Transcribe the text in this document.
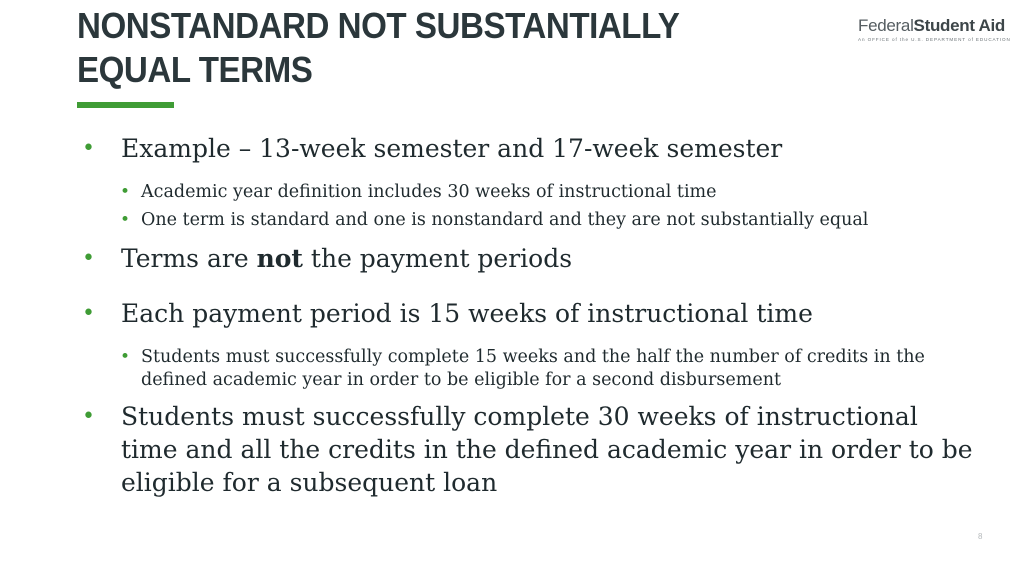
NONSTANDARD NOT SUBSTANTIALLY
EQUAL TERMS
FederalStudent Aid
An OFFICE of the U.S. DEPARTMENT of EDUCATION
• Example – 13-week semester and 17-week semester
• Academic year definition includes 30 weeks of instructional time
• One term is standard and one is nonstandard and they are not substantially equal
• Terms are not the payment periods
• Each payment period is 15 weeks of instructional time
• Students must successfully complete 15 weeks and the half the number of credits in the defined academic year in order to be eligible for a second disbursement
• Students must successfully complete 30 weeks of instructional time and all the credits in the defined academic year in order to be eligible for a subsequent loan
8
